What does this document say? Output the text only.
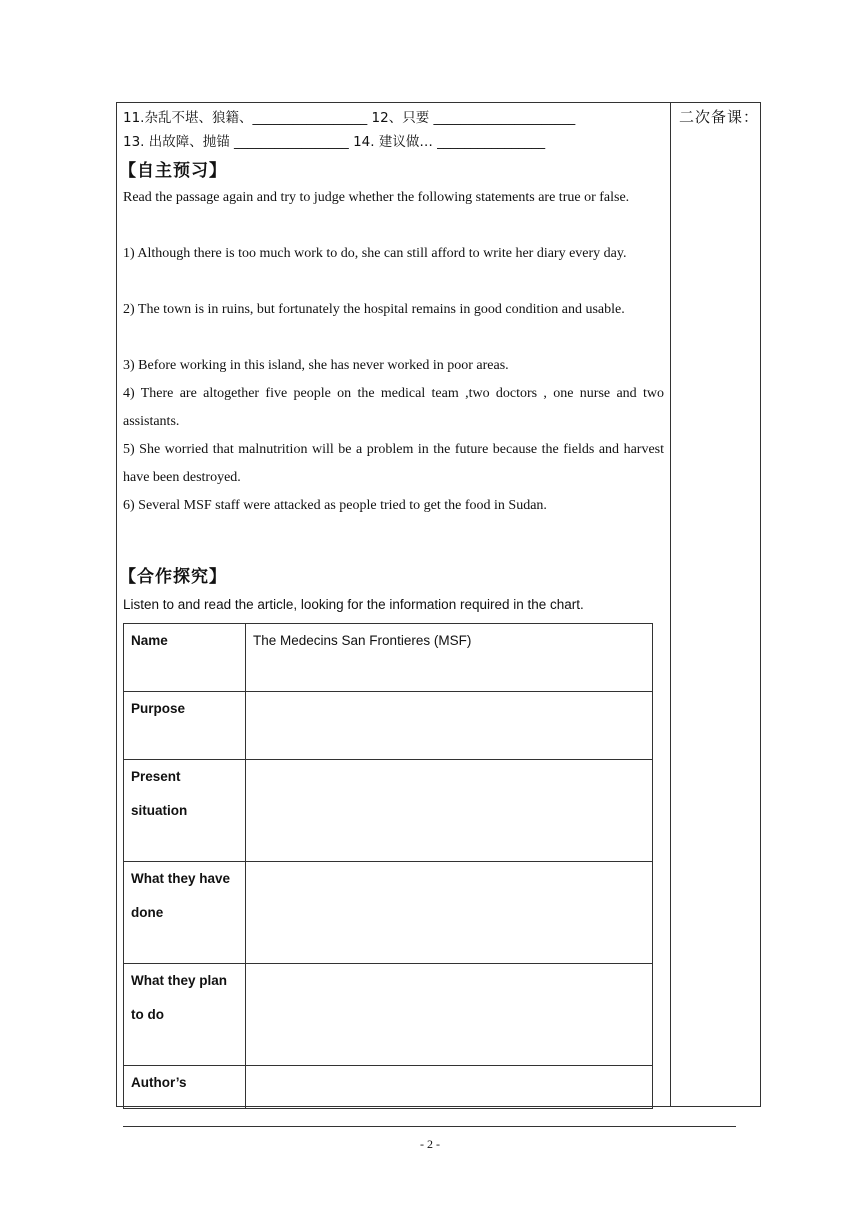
二次备课：
11.杂乱不堪、狼籍、_________________ 12、只要 _____________________
13. 出故障、抛锚 _________________ 14. 建议做… ________________
【自主预习】
Read the passage again and try to judge whether the following statements are true or false.
1) Although there is too much work to do, she can still afford to write her diary every day.
2) The town is in ruins, but fortunately the hospital remains in good condition and usable.
3) Before working in this island, she has never worked in poor areas.
4) There are altogether five people on the medical team ,two doctors , one nurse and two assistants.
5) She worried that malnutrition will be a problem in the future because the fields and harvest have been destroyed.
6) Several MSF staff were attacked as people tried to get the food in Sudan.
【合作探究】
Listen to and read the article, looking for the information required in the chart.
Name	The Medecins San Frontieres (MSF)
Purpose	
Present situation	
What they have done	
What they plan to do	
Author’s	
- 2 -
